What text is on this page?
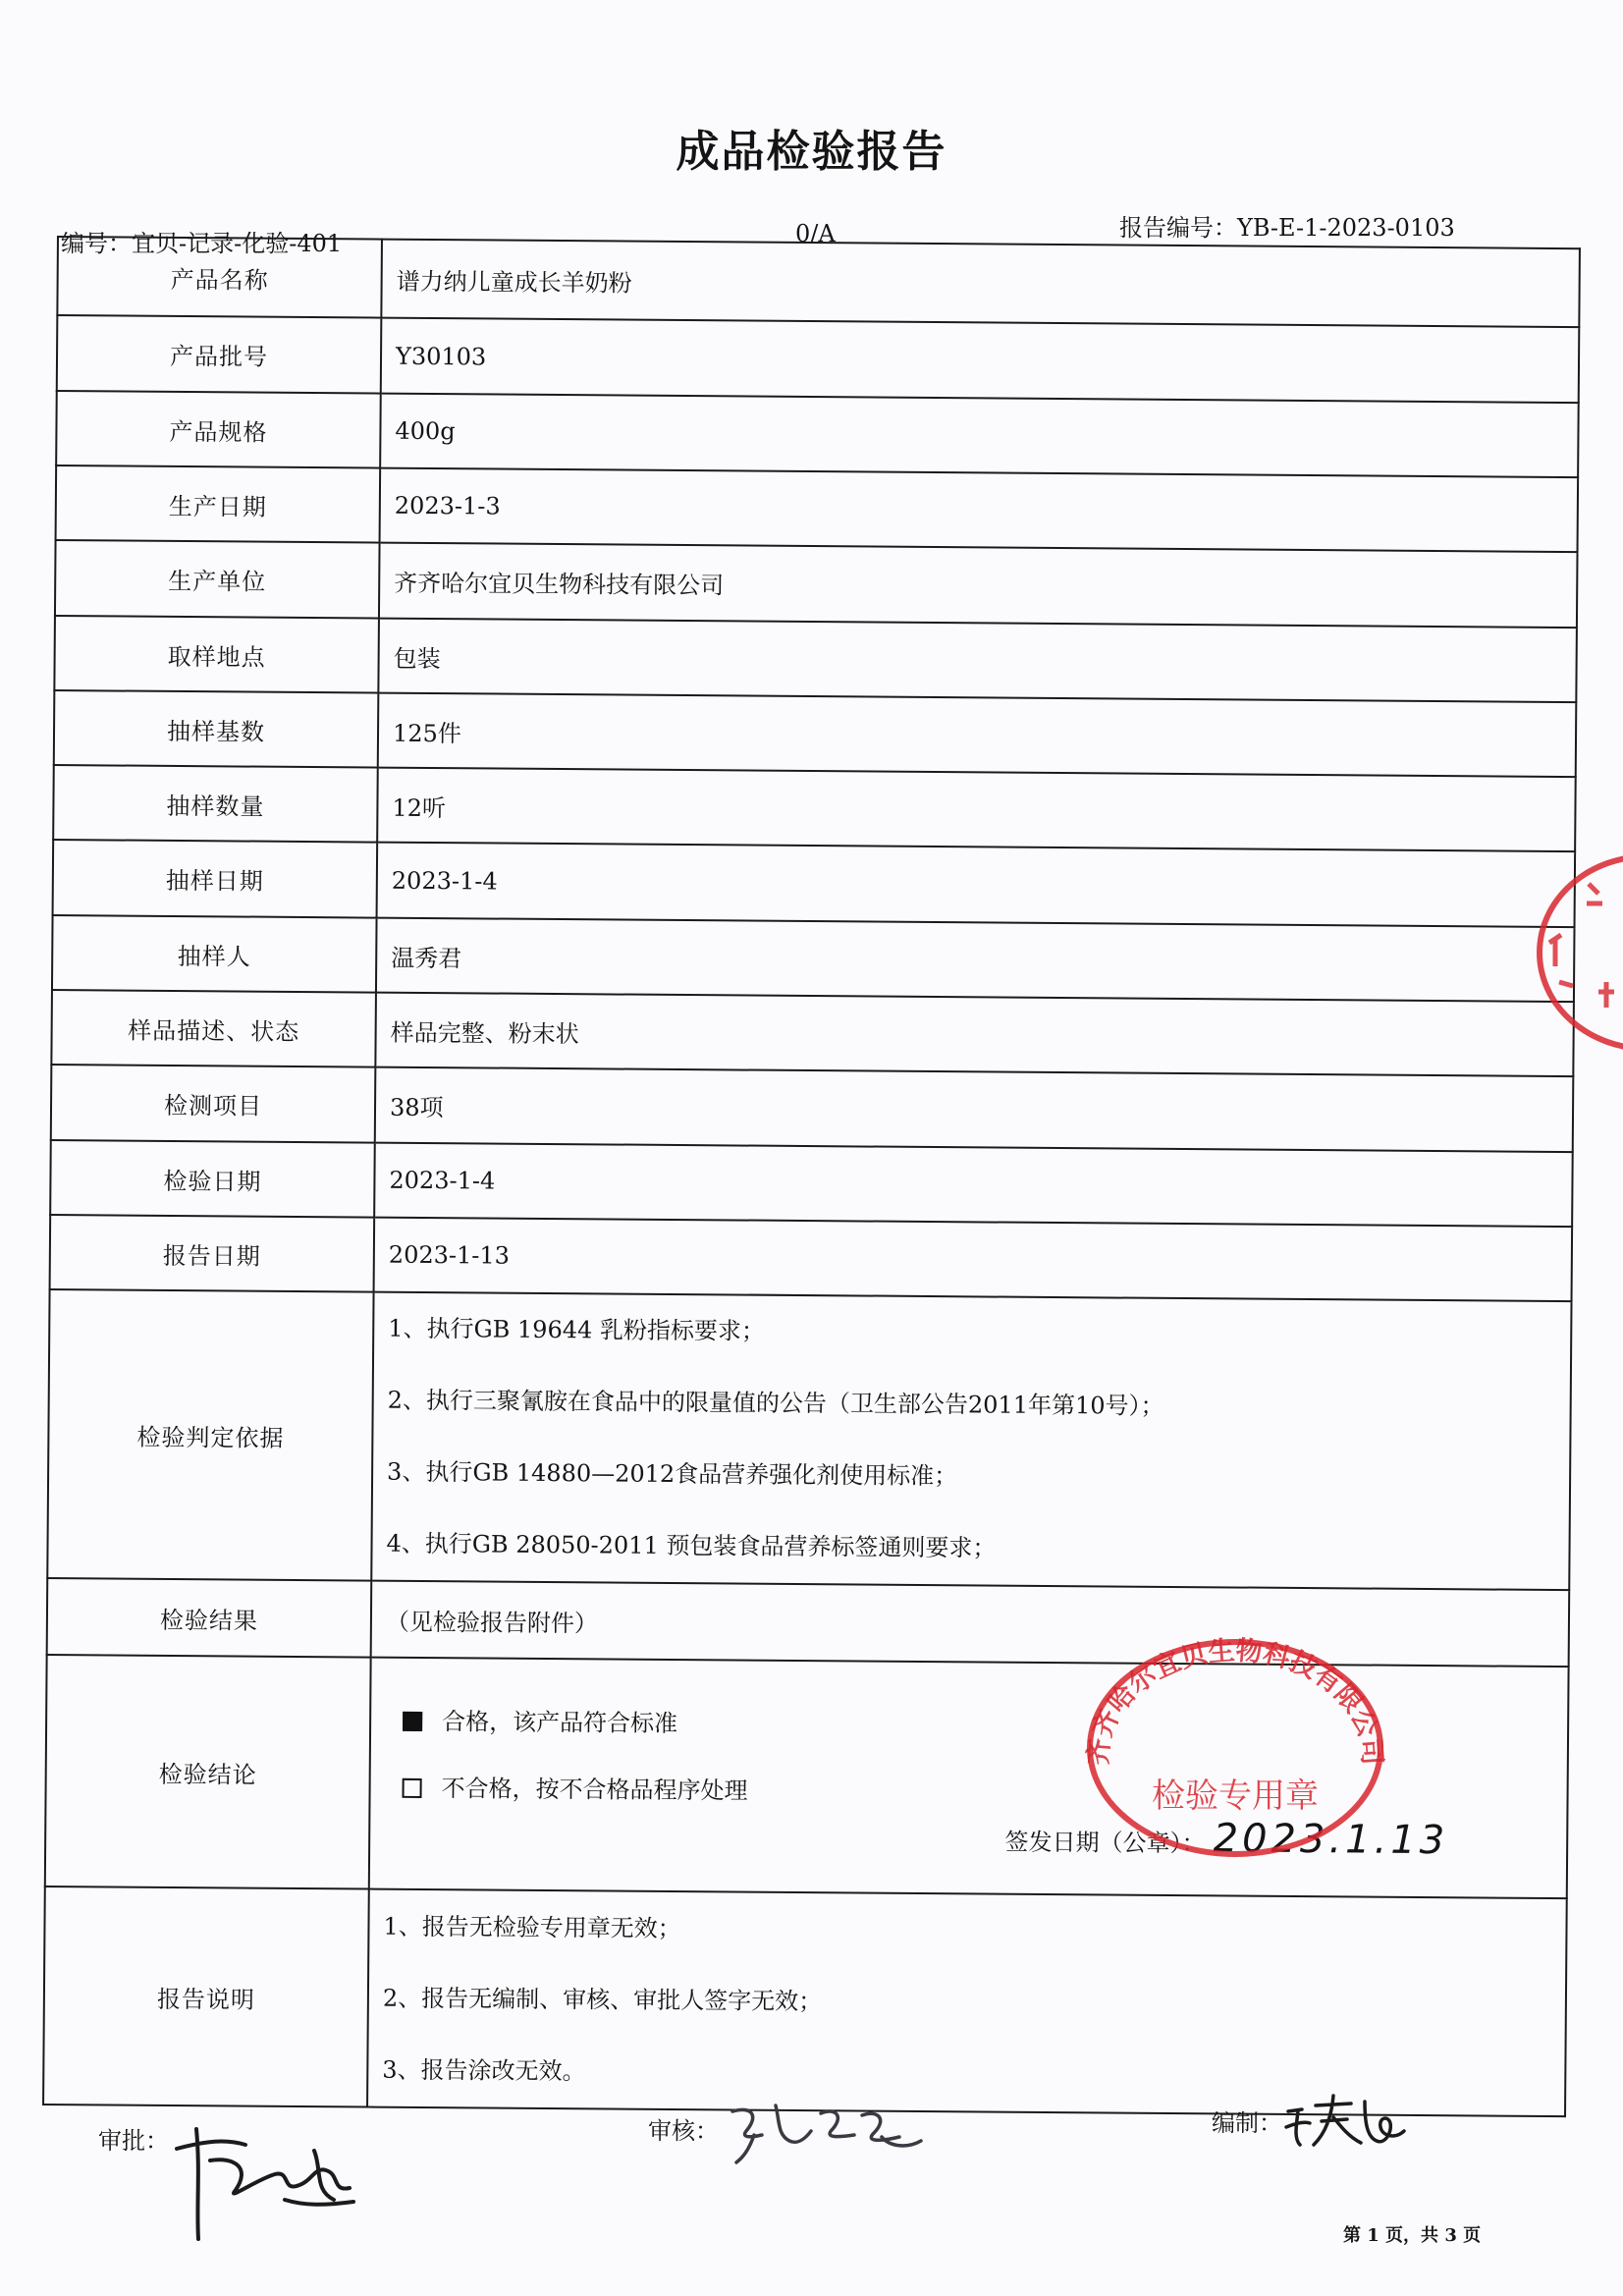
成品检验报告
编号：宜贝-记录-化验-401	0/A	报告编号：YB-E-1-2023-0103
产品名称	谱力纳儿童成长羊奶粉
产品批号	Y30103
产品规格	400g
生产日期	2023-1-3
生产单位	齐齐哈尔宜贝生物科技有限公司
取样地点	包装
抽样基数	125件
抽样数量	12听
抽样日期	2023-1-4
抽样人	温秀君
样品描述、状态	样品完整、粉末状
检测项目	38项
检验日期	2023-1-4
报告日期	2023-1-13
检验判定依据	1、执行GB 19644 乳粉指标要求；
2、执行三聚氰胺在食品中的限量值的公告（卫生部公告2011年第10号）；
3、执行GB 14880—2012食品营养强化剂使用标准；
4、执行GB 28050-2011 预包装食品营养标签通则要求；

检验结果	（见检验报告附件）
检验结论	合格，该产品符合标准
不合格，按不合格品程序处理
签发日期（公章）： 2023.1.13

报告说明	1、报告无检验专用章无效；
2、报告无编制、审核、审批人签字无效；
3、报告涂改无效。
齐齐哈尔宜贝生物科技有限公司
检验专用章
审批：	审核：	编制：
第 1 页，共 3 页
